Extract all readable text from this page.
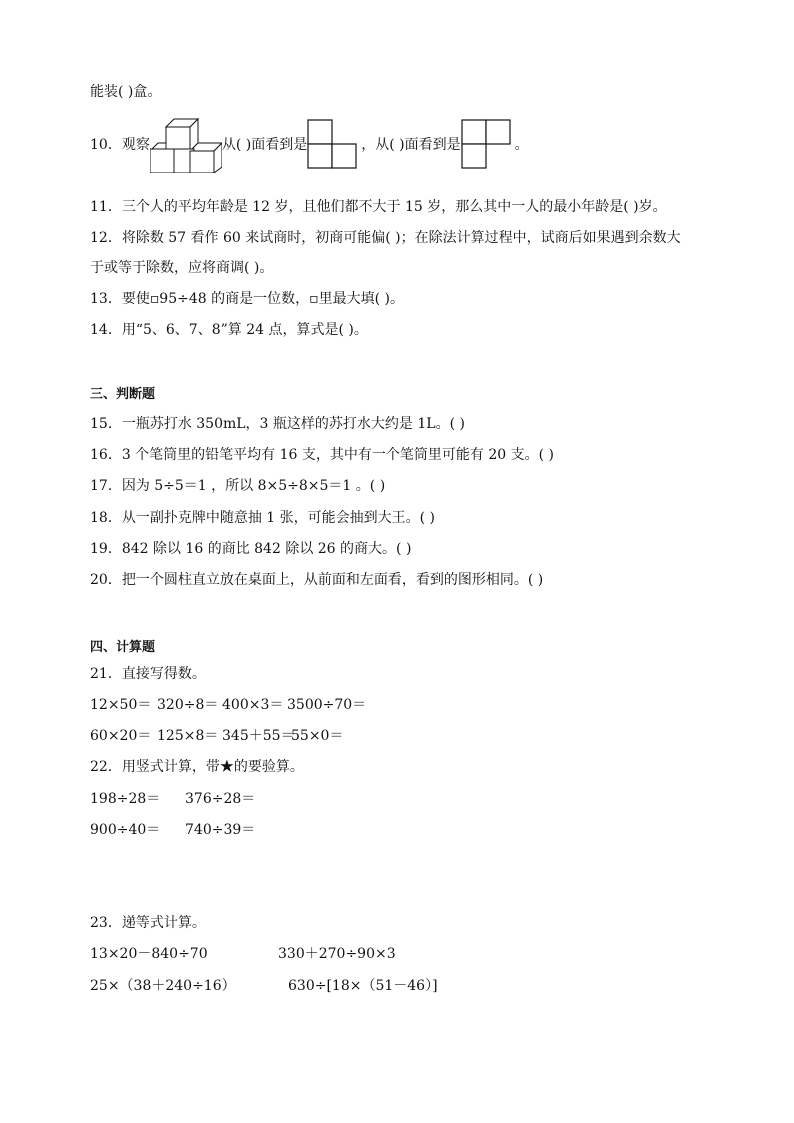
能装( )盒。
10．观察	从( )面看到是	，从( )面看到是	。
11．三个人的平均年龄是 12 岁，且他们都不大于 15 岁，那么其中一人的最小年龄是( )岁。
12．将除数 57 看作 60 来试商时，初商可能偏( )；在除法计算过程中，试商后如果遇到余数大
于或等于除数，应将商调( )。
13．要使▫95÷48 的商是一位数，▫里最大填( )。
14．用“5、6、7、8”算 24 点，算式是( )。
三、判断题
15．一瓶苏打水 350mL，3 瓶这样的苏打水大约是 1L。( )
16．3 个笔筒里的铅笔平均有 16 支，其中有一个笔筒里可能有 20 支。( )
17．因为 5÷5＝1 ，所以 8×5÷8×5＝1 。( )
18．从一副扑克牌中随意抽 1 张，可能会抽到大王。( )
19．842 除以 16 的商比 842 除以 26 的商大。( )
20．把一个圆柱直立放在桌面上，从前面和左面看，看到的图形相同。( )
四、计算题
21．直接写得数。
12×50＝ 320÷8＝ 400×3＝ 3500÷70＝
60×20＝ 125×8＝ 345＋55＝55×0＝
22．用竖式计算，带★的要验算。
198÷28＝ 376÷28＝
900÷40＝ 740÷39＝
23．递等式计算。
13×20－840÷70	330＋270÷90×3
25×（38＋240÷16）	630÷[18×（51－46）]
